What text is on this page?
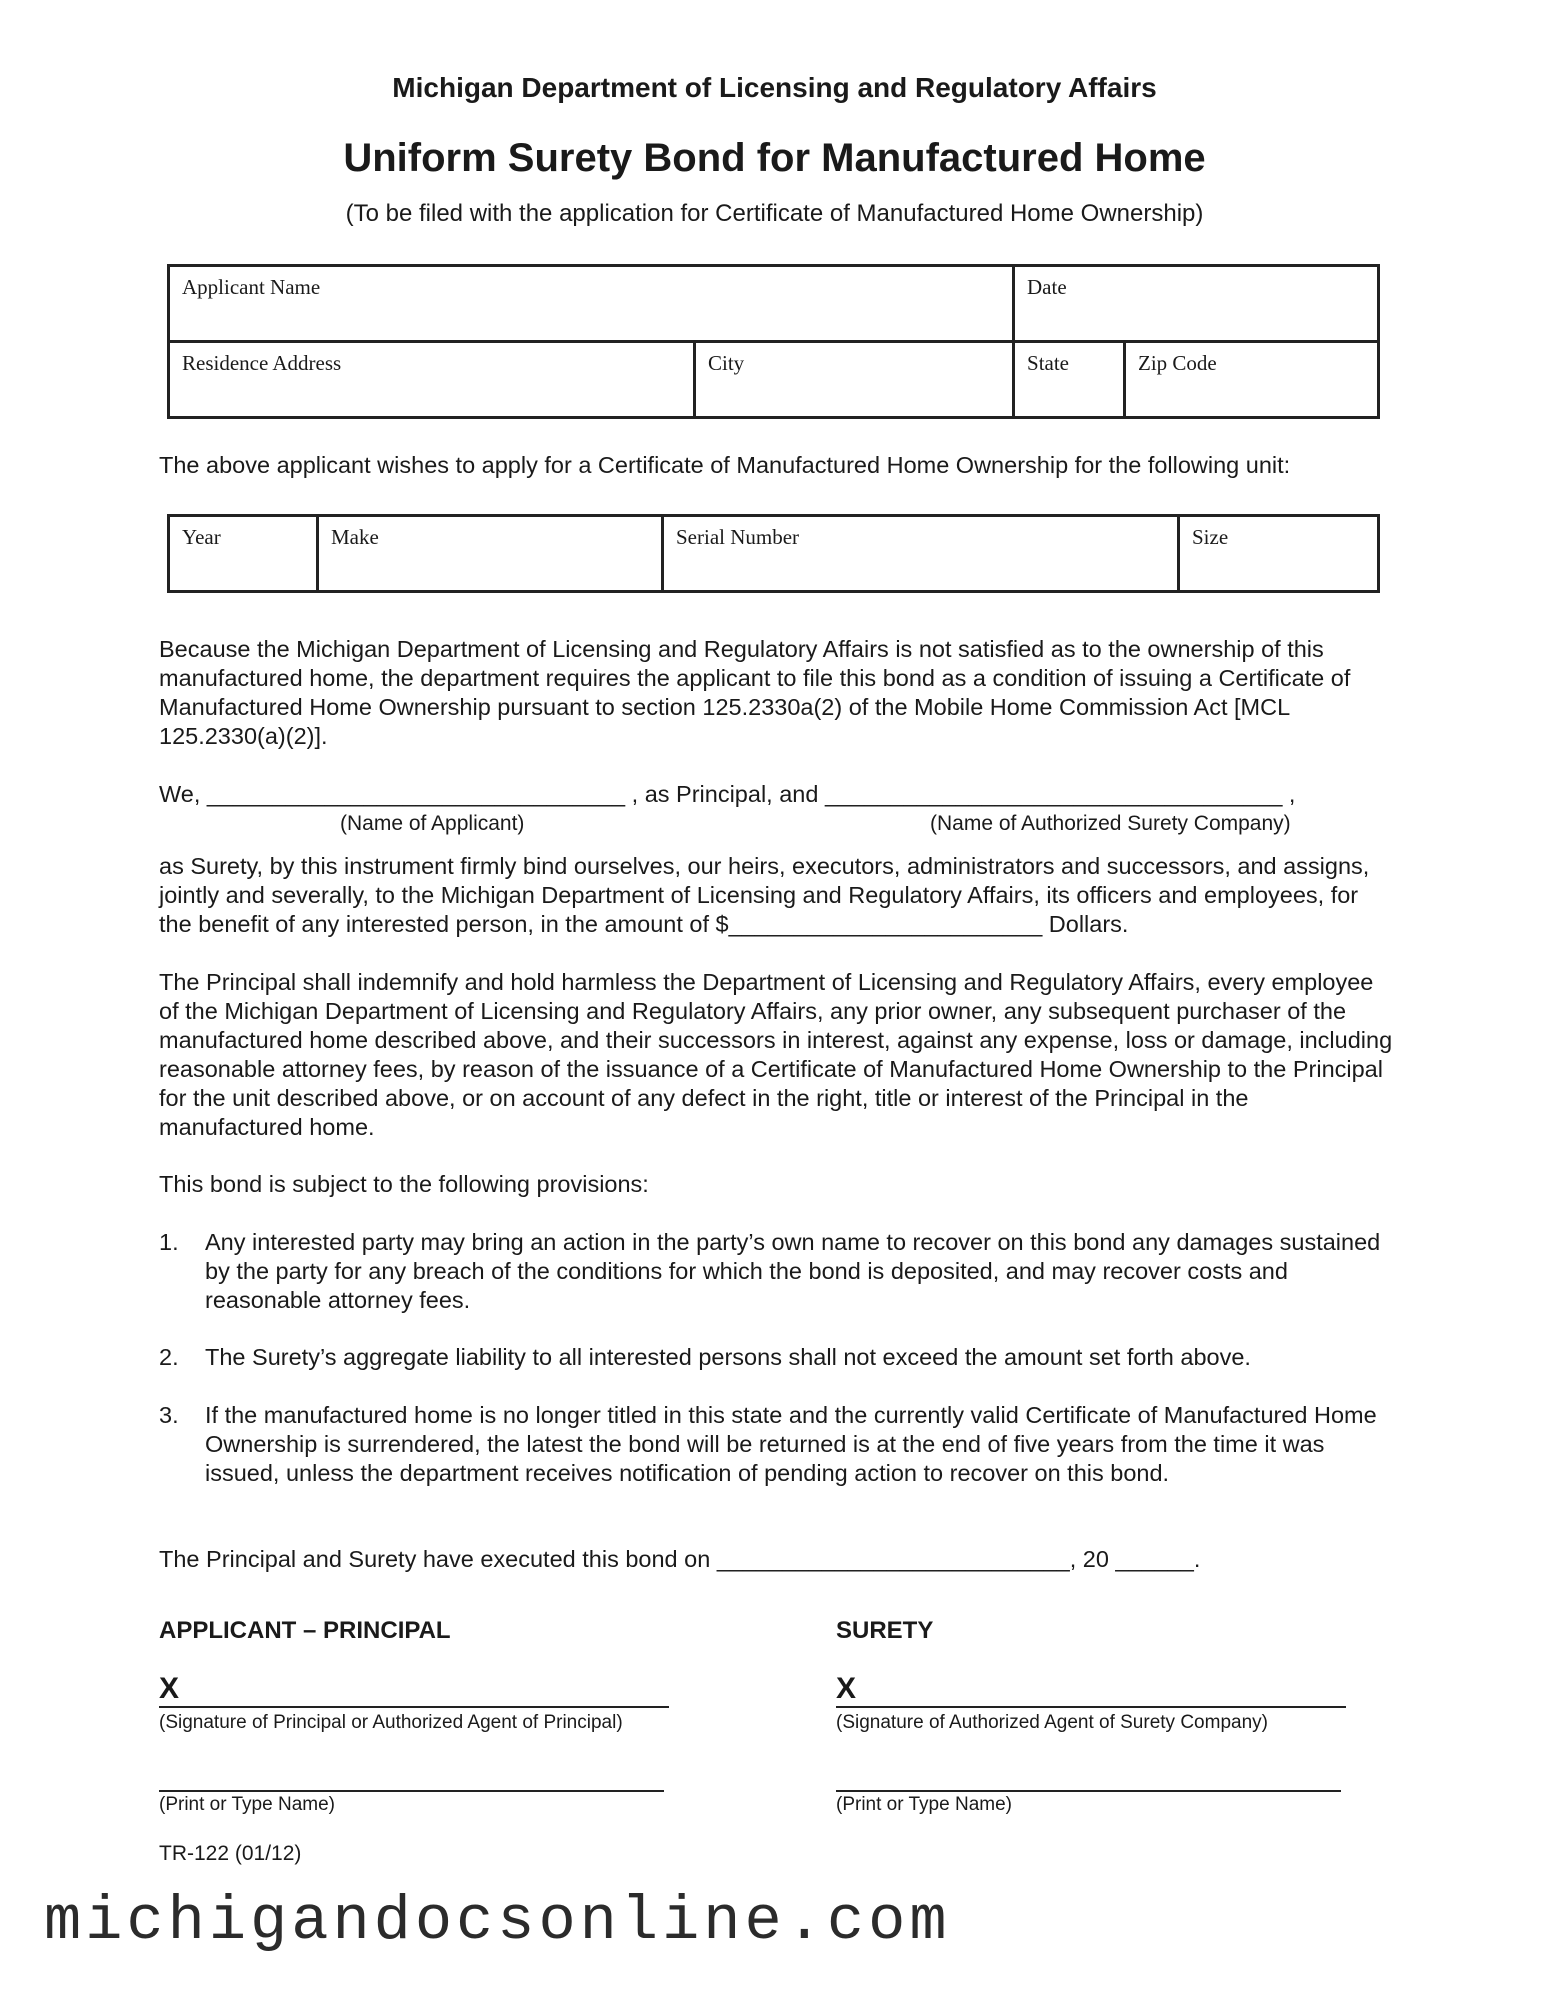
Michigan Department of Licensing and Regulatory Affairs
Uniform Surety Bond for Manufactured Home
(To be filed with the application for Certificate of Manufactured Home Ownership)
Applicant Name		Date	
Residence Address	City	State	Zip Code
The above applicant wishes to apply for a Certificate of Manufactured Home Ownership for the following unit:
Year	Make	Serial Number	Size
Because the Michigan Department of Licensing and Regulatory Affairs is not satisfied as to the ownership of this manufactured home, the department requires the applicant to file this bond as a condition of issuing a Certificate of Manufactured Home Ownership pursuant to section 125.2330a(2) of the Mobile Home Commission Act [MCL 125.2330(a)(2)].
We, ________________________________ , as Principal, and ___________________________________ ,
(Name of Applicant)	(Name of Authorized Surety Company)
as Surety, by this instrument firmly bind ourselves, our heirs, executors, administrators and successors, and assigns, jointly and severally, to the Michigan Department of Licensing and Regulatory Affairs, its officers and employees, for the benefit of any interested person, in the amount of $________________________ Dollars.
The Principal shall indemnify and hold harmless the Department of Licensing and Regulatory Affairs, every employee of the Michigan Department of Licensing and Regulatory Affairs, any prior owner, any subsequent purchaser of the manufactured home described above, and their successors in interest, against any expense, loss or damage, including reasonable attorney fees, by reason of the issuance of a Certificate of Manufactured Home Ownership to the Principal for the unit described above, or on account of any defect in the right, title or interest of the Principal in the manufactured home.
This bond is subject to the following provisions:
1. Any interested party may bring an action in the party’s own name to recover on this bond any damages sustained by the party for any breach of the conditions for which the bond is deposited, and may recover costs and reasonable attorney fees.
2. The Surety’s aggregate liability to all interested persons shall not exceed the amount set forth above.
3. If the manufactured home is no longer titled in this state and the currently valid Certificate of Manufactured Home Ownership is surrendered, the latest the bond will be returned is at the end of five years from the time it was issued, unless the department receives notification of pending action to recover on this bond.
The Principal and Surety have executed this bond on ___________________________, 20 ______.
APPLICANT – PRINCIPAL	SURETY
X
(Signature of Principal or Authorized Agent of Principal)
(Print or Type Name)
X
(Signature of Authorized Agent of Surety Company)
(Print or Type Name)
TR-122 (01/12)
michigandocsonline.com
